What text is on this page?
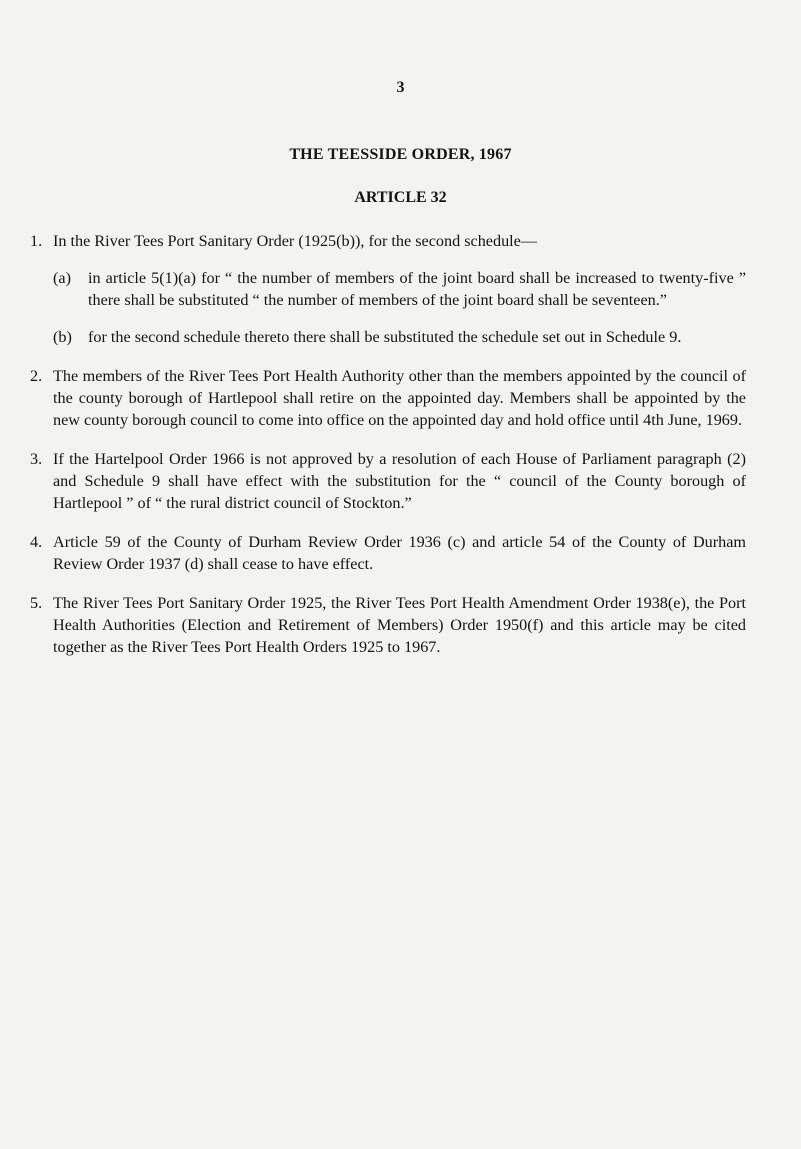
3
THE TEESSIDE ORDER, 1967
ARTICLE 32
1. In the River Tees Port Sanitary Order (1925(b)), for the second schedule—
(a) in article 5(1)(a) for “ the number of members of the joint board shall be increased to twenty-five ” there shall be substituted “ the number of members of the joint board shall be seventeen.”
(b) for the second schedule thereto there shall be substituted the schedule set out in Schedule 9.
2. The members of the River Tees Port Health Authority other than the members appointed by the council of the county borough of Hartlepool shall retire on the appointed day. Members shall be appointed by the new county borough council to come into office on the appointed day and hold office until 4th June, 1969.
3. If the Hartelpool Order 1966 is not approved by a resolution of each House of Parliament paragraph (2) and Schedule 9 shall have effect with the substitution for the “ council of the County borough of Hartlepool ” of “ the rural district council of Stockton.”
4. Article 59 of the County of Durham Review Order 1936 (c) and article 54 of the County of Durham Review Order 1937 (d) shall cease to have effect.
5. The River Tees Port Sanitary Order 1925, the River Tees Port Health Amendment Order 1938(e), the Port Health Authorities (Election and Retirement of Members) Order 1950(f) and this article may be cited together as the River Tees Port Health Orders 1925 to 1967.
